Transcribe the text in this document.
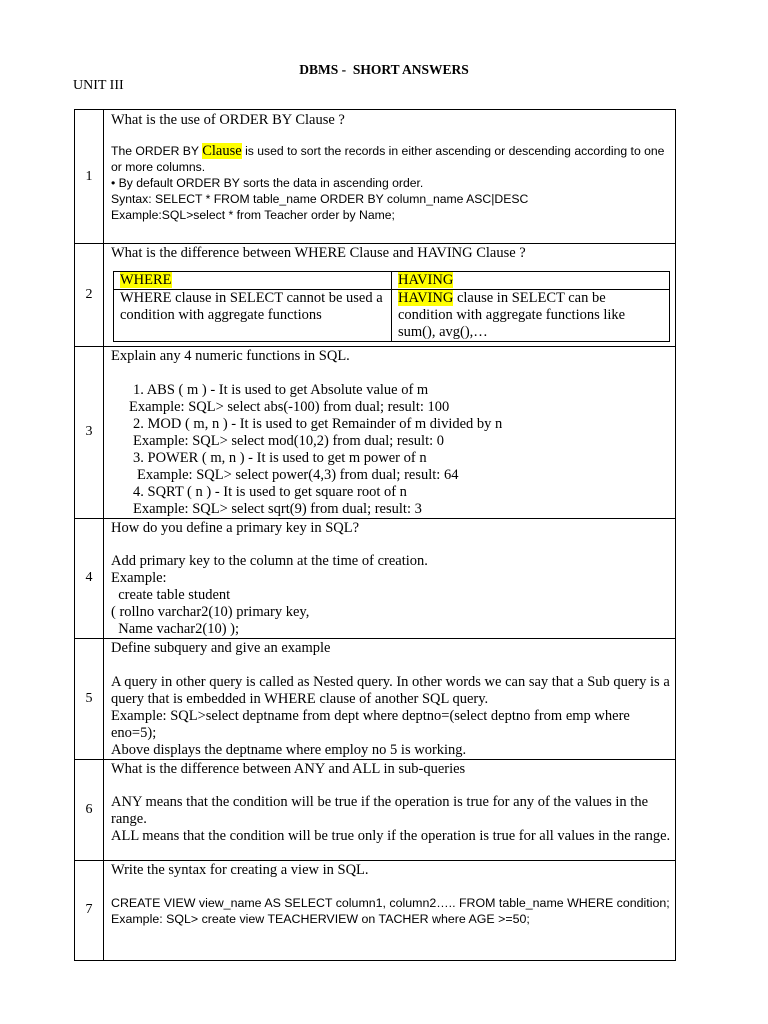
DBMS -  SHORT ANSWERS
UNIT III
1	
What is the use of ORDER BY Clause ?
The ORDER BY Clause is used to sort the records in either ascending or descending according to one or more columns.
• By default ORDER BY sorts the data in ascending order.
Syntax: SELECT * FROM table_name ORDER BY column_name ASC|DESC
Example:SQL>select * from Teacher order by Name;

2	
What is the difference between WHERE Clause and HAVING Clause ?
WHERE	HAVING
WHERE clause in SELECT cannot be used a condition with aggregate functions	HAVING clause in SELECT can be condition with aggregate functions like sum(), avg(),…

3	
Explain any 4 numeric functions in SQL.
1. ABS ( m ) - It is used to get Absolute value of m
Example: SQL> select abs(-100) from dual; result: 100
2. MOD ( m, n ) - It is used to get Remainder of m divided by n
Example: SQL> select mod(10,2) from dual; result: 0
3. POWER ( m, n ) - It is used to get m power of n
Example: SQL> select power(4,3) from dual; result: 64
4. SQRT ( n ) - It is used to get square root of n
Example: SQL> select sqrt(9) from dual; result: 3

4	
How do you define a primary key in SQL?
Add primary key to the column at the time of creation.
Example:
create table student
( rollno varchar2(10) primary key,
Name vachar2(10) );

5	
Define subquery and give an example
A query in other query is called as Nested query. In other words we can say that a Sub query is a query that is embedded in WHERE clause of another SQL query.
Example: SQL>select deptname from dept where deptno=(select deptno from emp where eno=5);
Above displays the deptname where employ no 5 is working.

6	
What is the difference between ANY and ALL in sub-queries
ANY means that the condition will be true if the operation is true for any of the values in the range.
ALL means that the condition will be true only if the operation is true for all values in the range.

7	
Write the syntax for creating a view in SQL.
CREATE VIEW view_name AS SELECT column1, column2….. FROM table_name WHERE condition;
Example: SQL> create view TEACHERVIEW on TACHER where AGE >=50;
